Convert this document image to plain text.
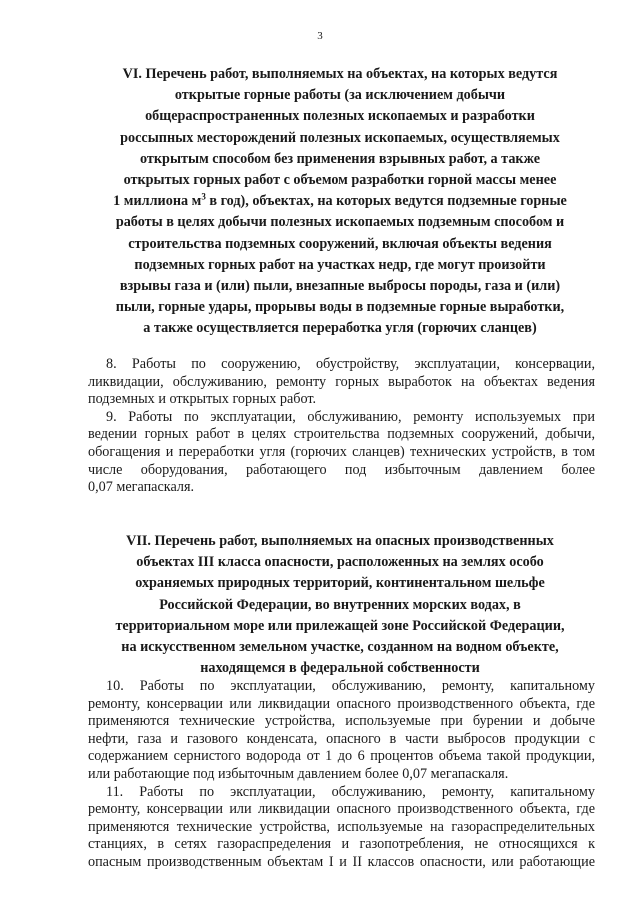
3
VI. Перечень работ, выполняемых на объектах, на которых ведутся
открытые горные работы (за исключением добычи
общераспространенных полезных ископаемых и разработки
россыпных месторождений полезных ископаемых, осуществляемых
открытым способом без применения взрывных работ, а также
открытых горных работ с объемом разработки горной массы менее
1 миллиона $м^3$ в год), объектах, на которых ведутся подземные горные
работы в целях добычи полезных ископаемых подземным способом и
строительства подземных сооружений, включая объекты ведения
подземных горных работ на участках недр, где могут произойти
взрывы газа и (или) пыли, внезапные выбросы породы, газа и (или)
пыли, горные удары, прорывы воды в подземные горные выработки,
а также осуществляется переработка угля (горючих сланцев)
8. Работы по сооружению, обустройству, эксплуатации, консервации,
ликвидации, обслуживанию, ремонту горных выработок на объектах ведения
подземных и открытых горных работ.
9. Работы по эксплуатации, обслуживанию, ремонту используемых при
ведении горных работ в целях строительства подземных сооружений, добычи,
обогащения и переработки угля (горючих сланцев) технических устройств, в том
числе оборудования, работающего под избыточным давлением более
0,07 мегапаскаля.
VII. Перечень работ, выполняемых на опасных производственных
объектах III класса опасности, расположенных на землях особо
охраняемых природных территорий, континентальном шельфе
Российской Федерации, во внутренних морских водах, в
территориальном море или прилежащей зоне Российской Федерации,
на искусственном земельном участке, созданном на водном объекте,
находящемся в федеральной собственности
10. Работы по эксплуатации, обслуживанию, ремонту, капитальному
ремонту, консервации или ликвидации опасного производственного объекта, где
применяются технические устройства, используемые при бурении и добыче
нефти, газа и газового конденсата, опасного в части выбросов продукции с
содержанием сернистого водорода от 1 до 6 процентов объема такой продукции,
или работающие под избыточным давлением более 0,07 мегапаскаля.
11. Работы по эксплуатации, обслуживанию, ремонту, капитальному
ремонту, консервации или ликвидации опасного производственного объекта, где
применяются технические устройства, используемые на газораспределительных
станциях, в сетях газораспределения и газопотребления, не относящихся к
опасным производственным объектам I и II классов опасности, или работающие
